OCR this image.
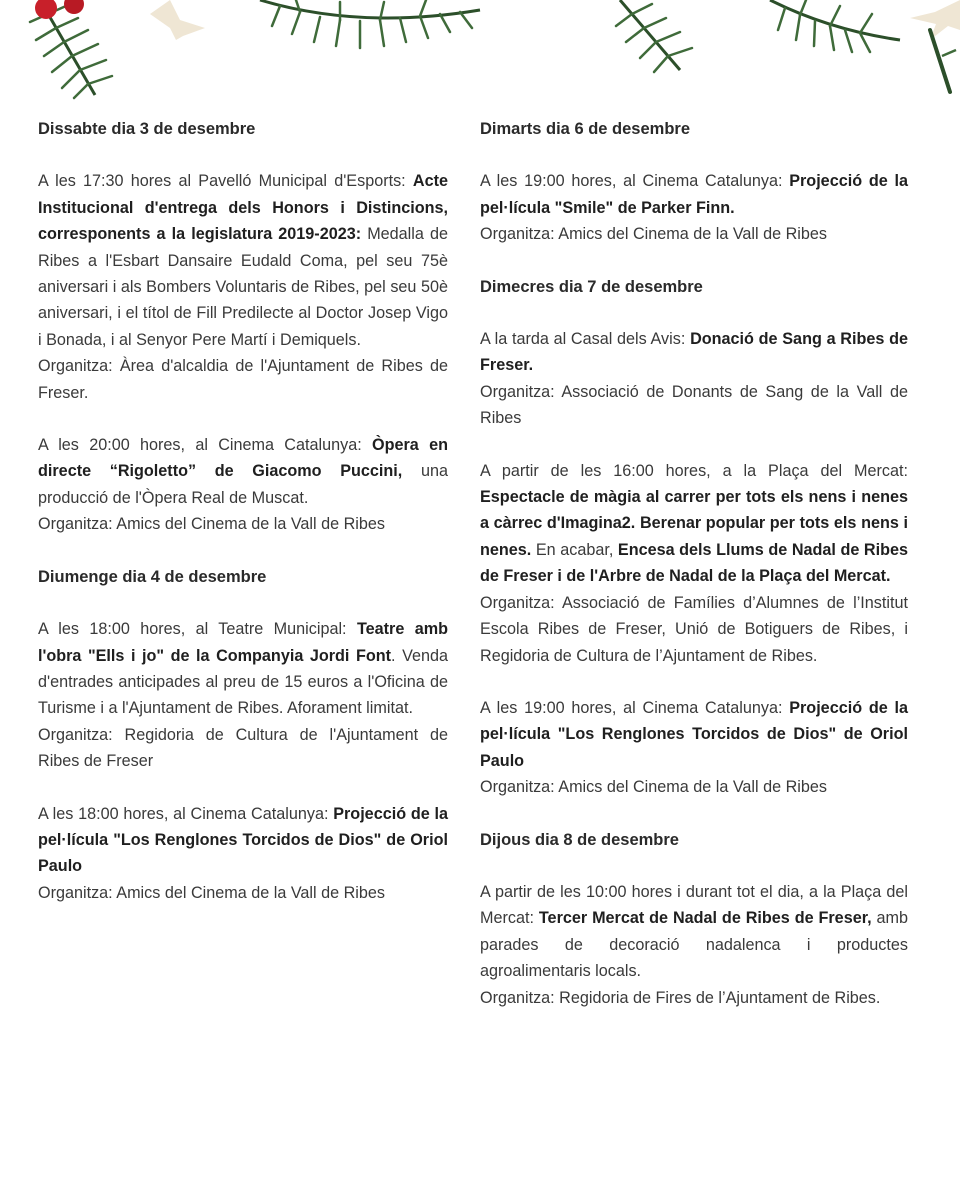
Dissabte dia 3 de desembre

A les 17:30 hores al Pavelló Municipal d'Esports: Acte Institucional d'entrega dels Honors i Distincions, corresponents a la legislatura 2019-2023: Medalla de Ribes a l'Esbart Dansaire Eudald Coma, pel seu 75è aniversari i als Bombers Voluntaris de Ribes, pel seu 50è aniversari, i el títol de Fill Predilecte al Doctor Josep Vigo i Bonada, i al Senyor Pere Martí i Demiquels.

Organitza: Àrea d'alcaldia de l'Ajuntament de Ribes de Freser.

A les 20:00 hores, al Cinema Catalunya: Òpera en directe “Rigoletto” de Giacomo Puccini, una producció de l'Òpera Real de Muscat.

Organitza: Amics del Cinema de la Vall de Ribes

Diumenge dia 4 de desembre

A les 18:00 hores, al Teatre Municipal: Teatre amb l'obra "Ells i jo" de la Companyia Jordi Font. Venda d'entrades anticipades al preu de 15 euros a l'Oficina de Turisme i a l'Ajuntament de Ribes. Aforament limitat.

Organitza: Regidoria de Cultura de l'Ajuntament de Ribes de Freser

A les 18:00 hores, al Cinema Catalunya: Projecció de la pel·lícula "Los Renglones Torcidos de Dios" de Oriol Paulo

Organitza: Amics del Cinema de la Vall de Ribes

Dimarts dia 6 de desembre

A les 19:00 hores, al Cinema Catalunya: Projecció de la pel·lícula "Smile" de Parker Finn.

Organitza: Amics del Cinema de la Vall de Ribes

Dimecres dia 7 de desembre

A la tarda al Casal dels Avis: Donació de Sang a Ribes de Freser.

Organitza: Associació de Donants de Sang de la Vall de Ribes

A partir de les 16:00 hores, a la Plaça del Mercat: Espectacle de màgia al carrer per tots els nens i nenes a càrrec d'Imagina2. Berenar popular per tots els nens i nenes. En acabar, Encesa dels Llums de Nadal de Ribes de Freser i de l'Arbre de Nadal de la Plaça del Mercat.

Organitza: Associació de Famílies d’Alumnes de l’Institut Escola Ribes de Freser, Unió de Botiguers de Ribes, i Regidoria de Cultura de l’Ajuntament de Ribes.

A les 19:00 hores, al Cinema Catalunya: Projecció de la pel·lícula "Los Renglones Torcidos de Dios" de Oriol Paulo

Organitza: Amics del Cinema de la Vall de Ribes

Dijous dia 8 de desembre

A partir de les 10:00 hores i durant tot el dia, a la Plaça del Mercat: Tercer Mercat de Nadal de Ribes de Freser, amb parades de decoració nadalenca i productes agroalimentaris locals.

Organitza: Regidoria de Fires de l’Ajuntament de Ribes.
